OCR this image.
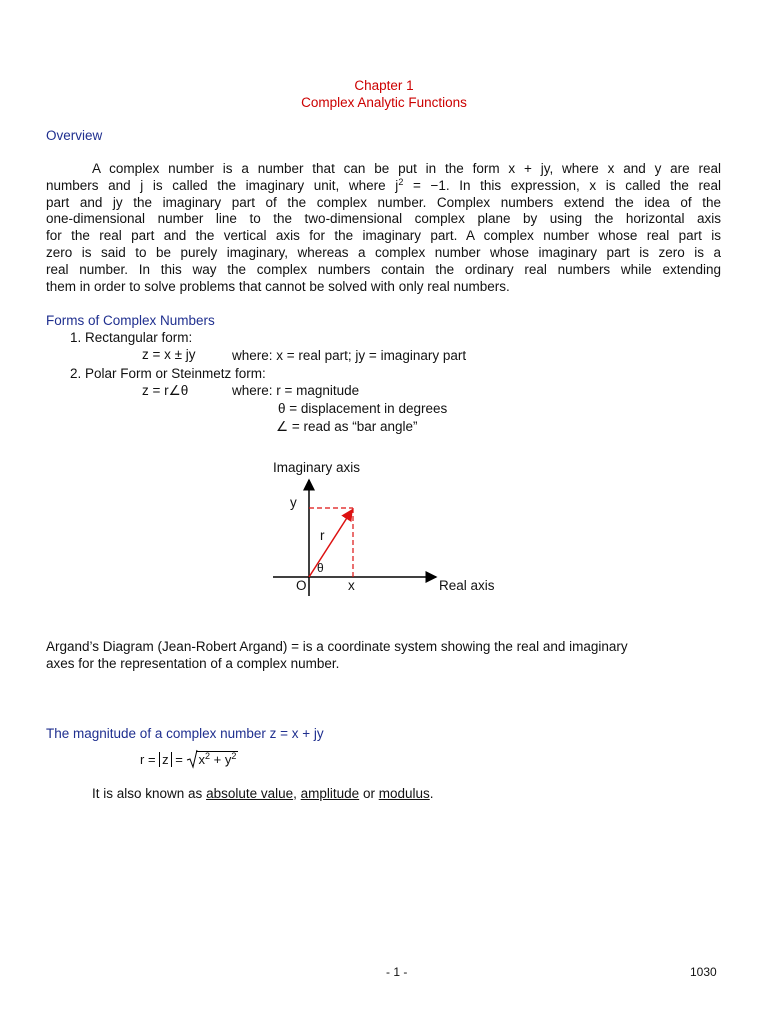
Chapter 1
Complex Analytic Functions
Overview
A complex number is a number that can be put in the form x + jy, where x and y are real
numbers and j is called the imaginary unit, where $j^2 = -1$. In this expression, x is called the real
part and jy the imaginary part of the complex number. Complex numbers extend the idea of the
one-dimensional number line to the two-dimensional complex plane by using the horizontal axis
for the real part and the vertical axis for the imaginary part. A complex number whose real part is
zero is said to be purely imaginary, whereas a complex number whose imaginary part is zero is a
real number. In this way the complex numbers contain the ordinary real numbers while extending
them in order to solve problems that cannot be solved with only real numbers.
Forms of Complex Numbers
1. Rectangular form:
z = x ± jy	where: x = real part; jy = imaginary part
2. Polar Form or Steinmetz form:
z = r∠θ	where: r = magnitude
θ = displacement in degrees
∠ = read as “bar angle”
Imaginary axis
y
r
θ
O	x	Real axis
Argand’s Diagram (Jean-Robert Argand) = is a coordinate system showing the real and imaginary
axes for the representation of a complex number.
The magnitude of a complex number z = x + jy
r = z =
$x^2 + y^2$
It is also known as absolute value, amplitude or modulus.
- 1 -	1030
